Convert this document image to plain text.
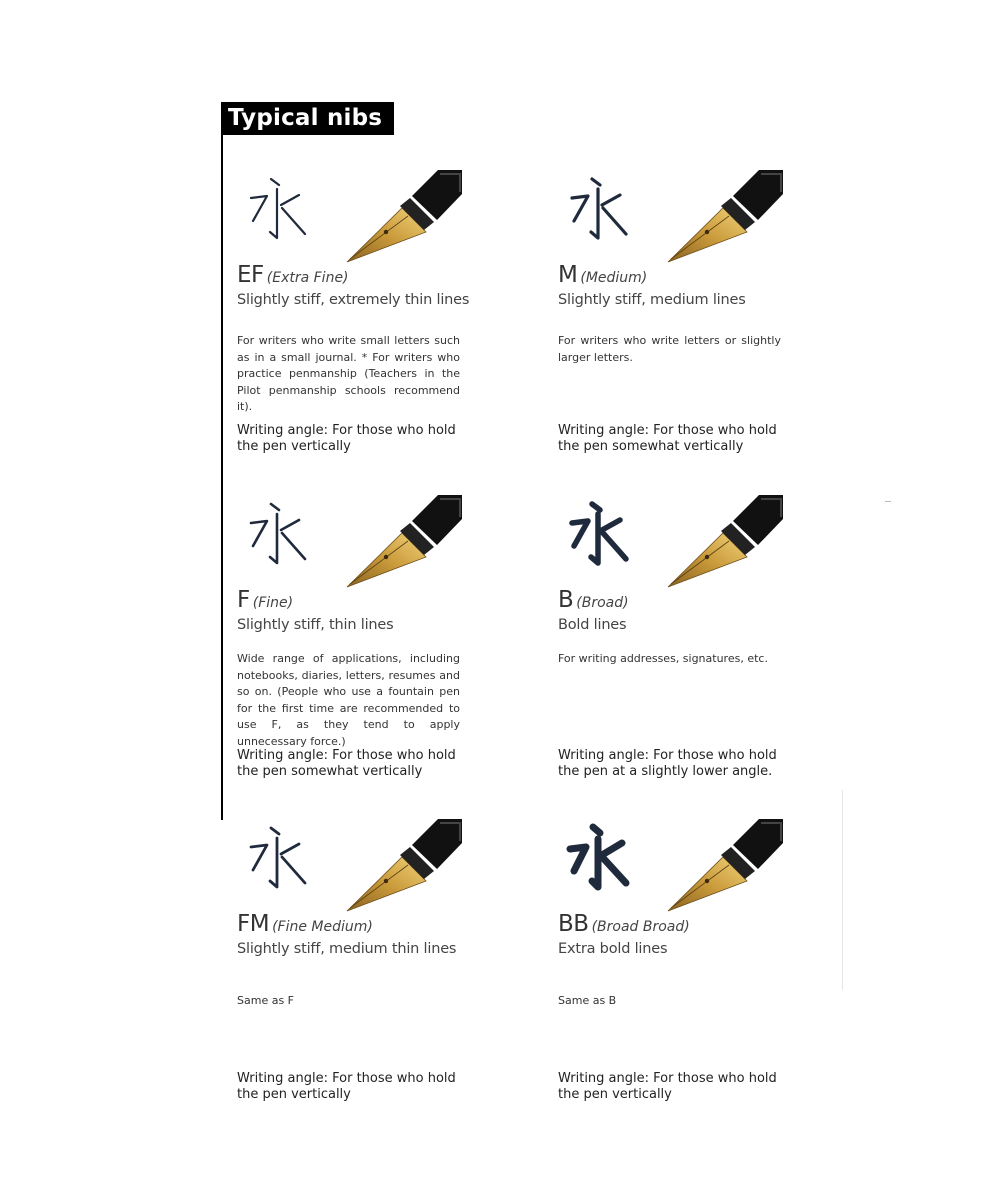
Typical nibs
EF (Extra Fine)
Slightly stiff, extremely thin lines
For writers who write small letters such as in a small journal. * For writers who practice penmanship (Teachers in the Pilot penmanship schools recommend it).
Writing angle: For those who hold the pen vertically
M (Medium)
Slightly stiff, medium lines
For writers who write letters or slightly larger letters.
Writing angle: For those who hold the pen somewhat vertically
F (Fine)
Slightly stiff, thin lines
Wide range of applications, including notebooks, diaries, letters, resumes and so on. (People who use a fountain pen for the first time are recommended to use F, as they tend to apply unnecessary force.)
Writing angle: For those who hold the pen somewhat vertically
B (Broad)
Bold lines
For writing addresses, signatures, etc.
Writing angle: For those who hold the pen at a slightly lower angle.
FM (Fine Medium)
Slightly stiff, medium thin lines
Same as F
Writing angle: For those who hold the pen vertically
BB (Broad Broad)
Extra bold lines
Same as B
Writing angle: For those who hold the pen vertically
